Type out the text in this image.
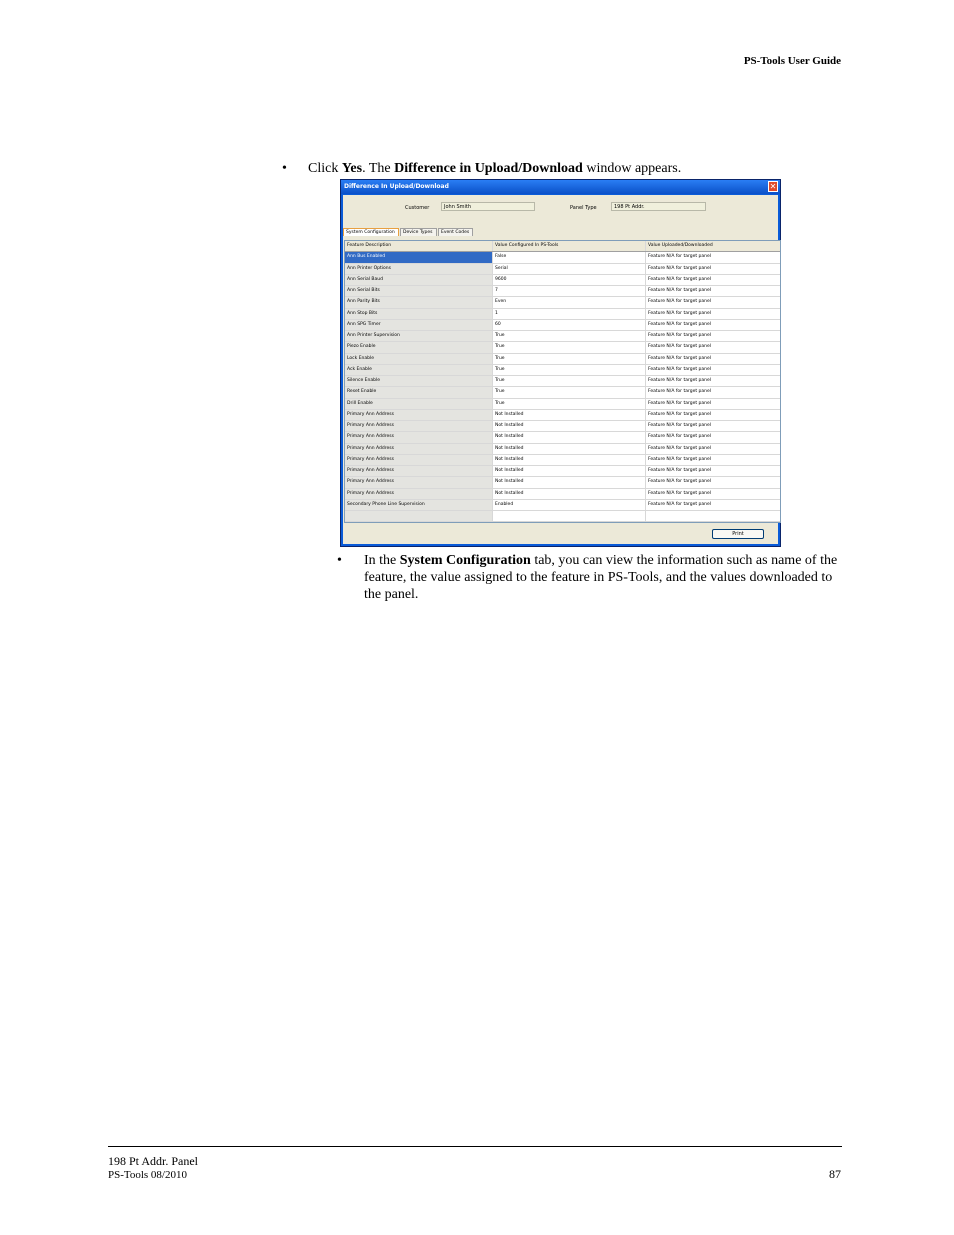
PS-Tools User Guide
• Click Yes. The Difference in Upload/Download window appears.
Difference In Upload/Download	✕
Customer	John Smith	Panel Type	198 Pt Addr.
System Configuration	Device Types	Event Codes
Feature Description	Value Configured In PS-Tools	Value Uploaded/Downloaded
Ann Bus Enabled	False	Feature N/A for target panel
Ann Printer Options	Serial	Feature N/A for target panel
Ann Serial Baud	9600	Feature N/A for target panel
Ann Serial Bits	7	Feature N/A for target panel
Ann Parity Bits	Even	Feature N/A for target panel
Ann Stop Bits	1	Feature N/A for target panel
Ann SPG Timer	60	Feature N/A for target panel
Ann Printer Supervision	True	Feature N/A for target panel
Piezo Enable	True	Feature N/A for target panel
Lock Enable	True	Feature N/A for target panel
Ack Enable	True	Feature N/A for target panel
Silence Enable	True	Feature N/A for target panel
Reset Enable	True	Feature N/A for target panel
Drill Enable	True	Feature N/A for target panel
Primary Ann Address	Not Installed	Feature N/A for target panel
Primary Ann Address	Not Installed	Feature N/A for target panel
Primary Ann Address	Not Installed	Feature N/A for target panel
Primary Ann Address	Not Installed	Feature N/A for target panel
Primary Ann Address	Not Installed	Feature N/A for target panel
Primary Ann Address	Not Installed	Feature N/A for target panel
Primary Ann Address	Not Installed	Feature N/A for target panel
Primary Ann Address	Not Installed	Feature N/A for target panel
Secondary Phone Line Supervision	Enabled	Feature N/A for target panel
Print
• In the System Configuration tab, you can view the information such as name of the feature, the value assigned to the feature in PS-Tools, and the values downloaded to the panel.
198 Pt Addr. Panel
PS-Tools 08/2010	87
